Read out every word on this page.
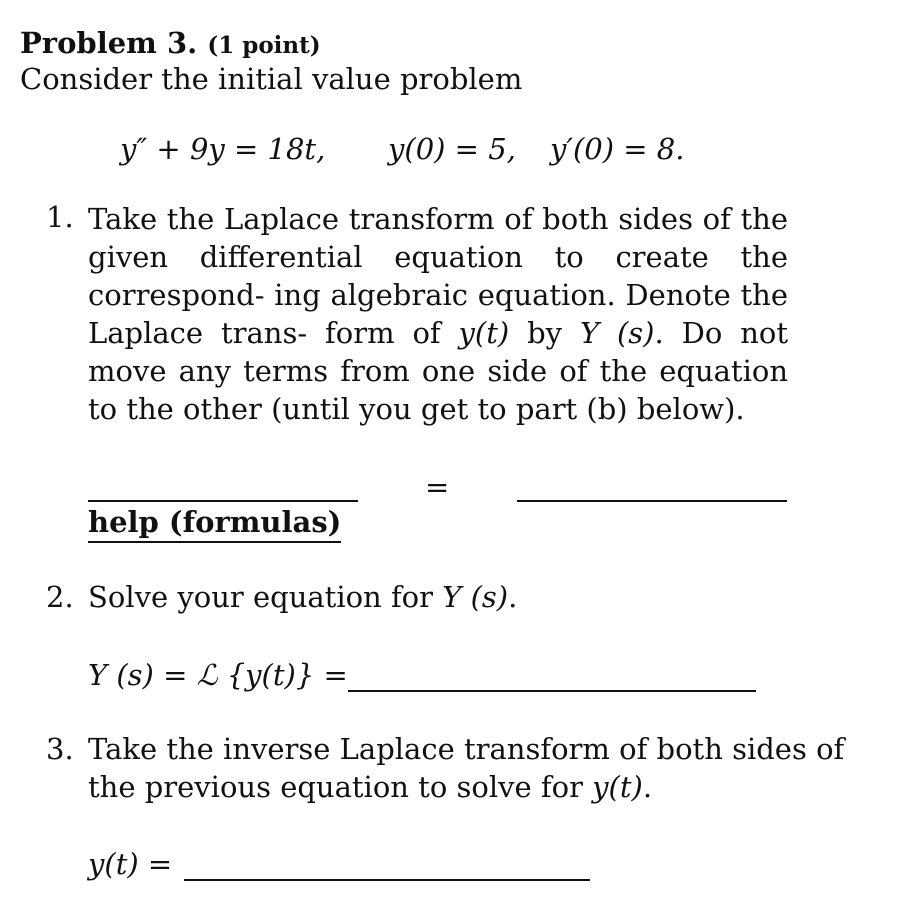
Problem 3. (1 point)
Consider the initial value problem
y″ + 9y = 18t, y(0) = 5, y′(0) = 8.
1. Take the Laplace transform of both sides of the given differential equation to create the correspond- ing algebraic equation. Denote the Laplace trans- form of y(t) by Y (s). Do not move any terms from one side of the equation to the other (until you get to part (b) below).
=
help (formulas)
2. Solve your equation for Y (s).
Y (s) = ℒ {y(t)} =
3. Take the inverse Laplace transform of both sides of
the previous equation to solve for y(t).
y(t) =
